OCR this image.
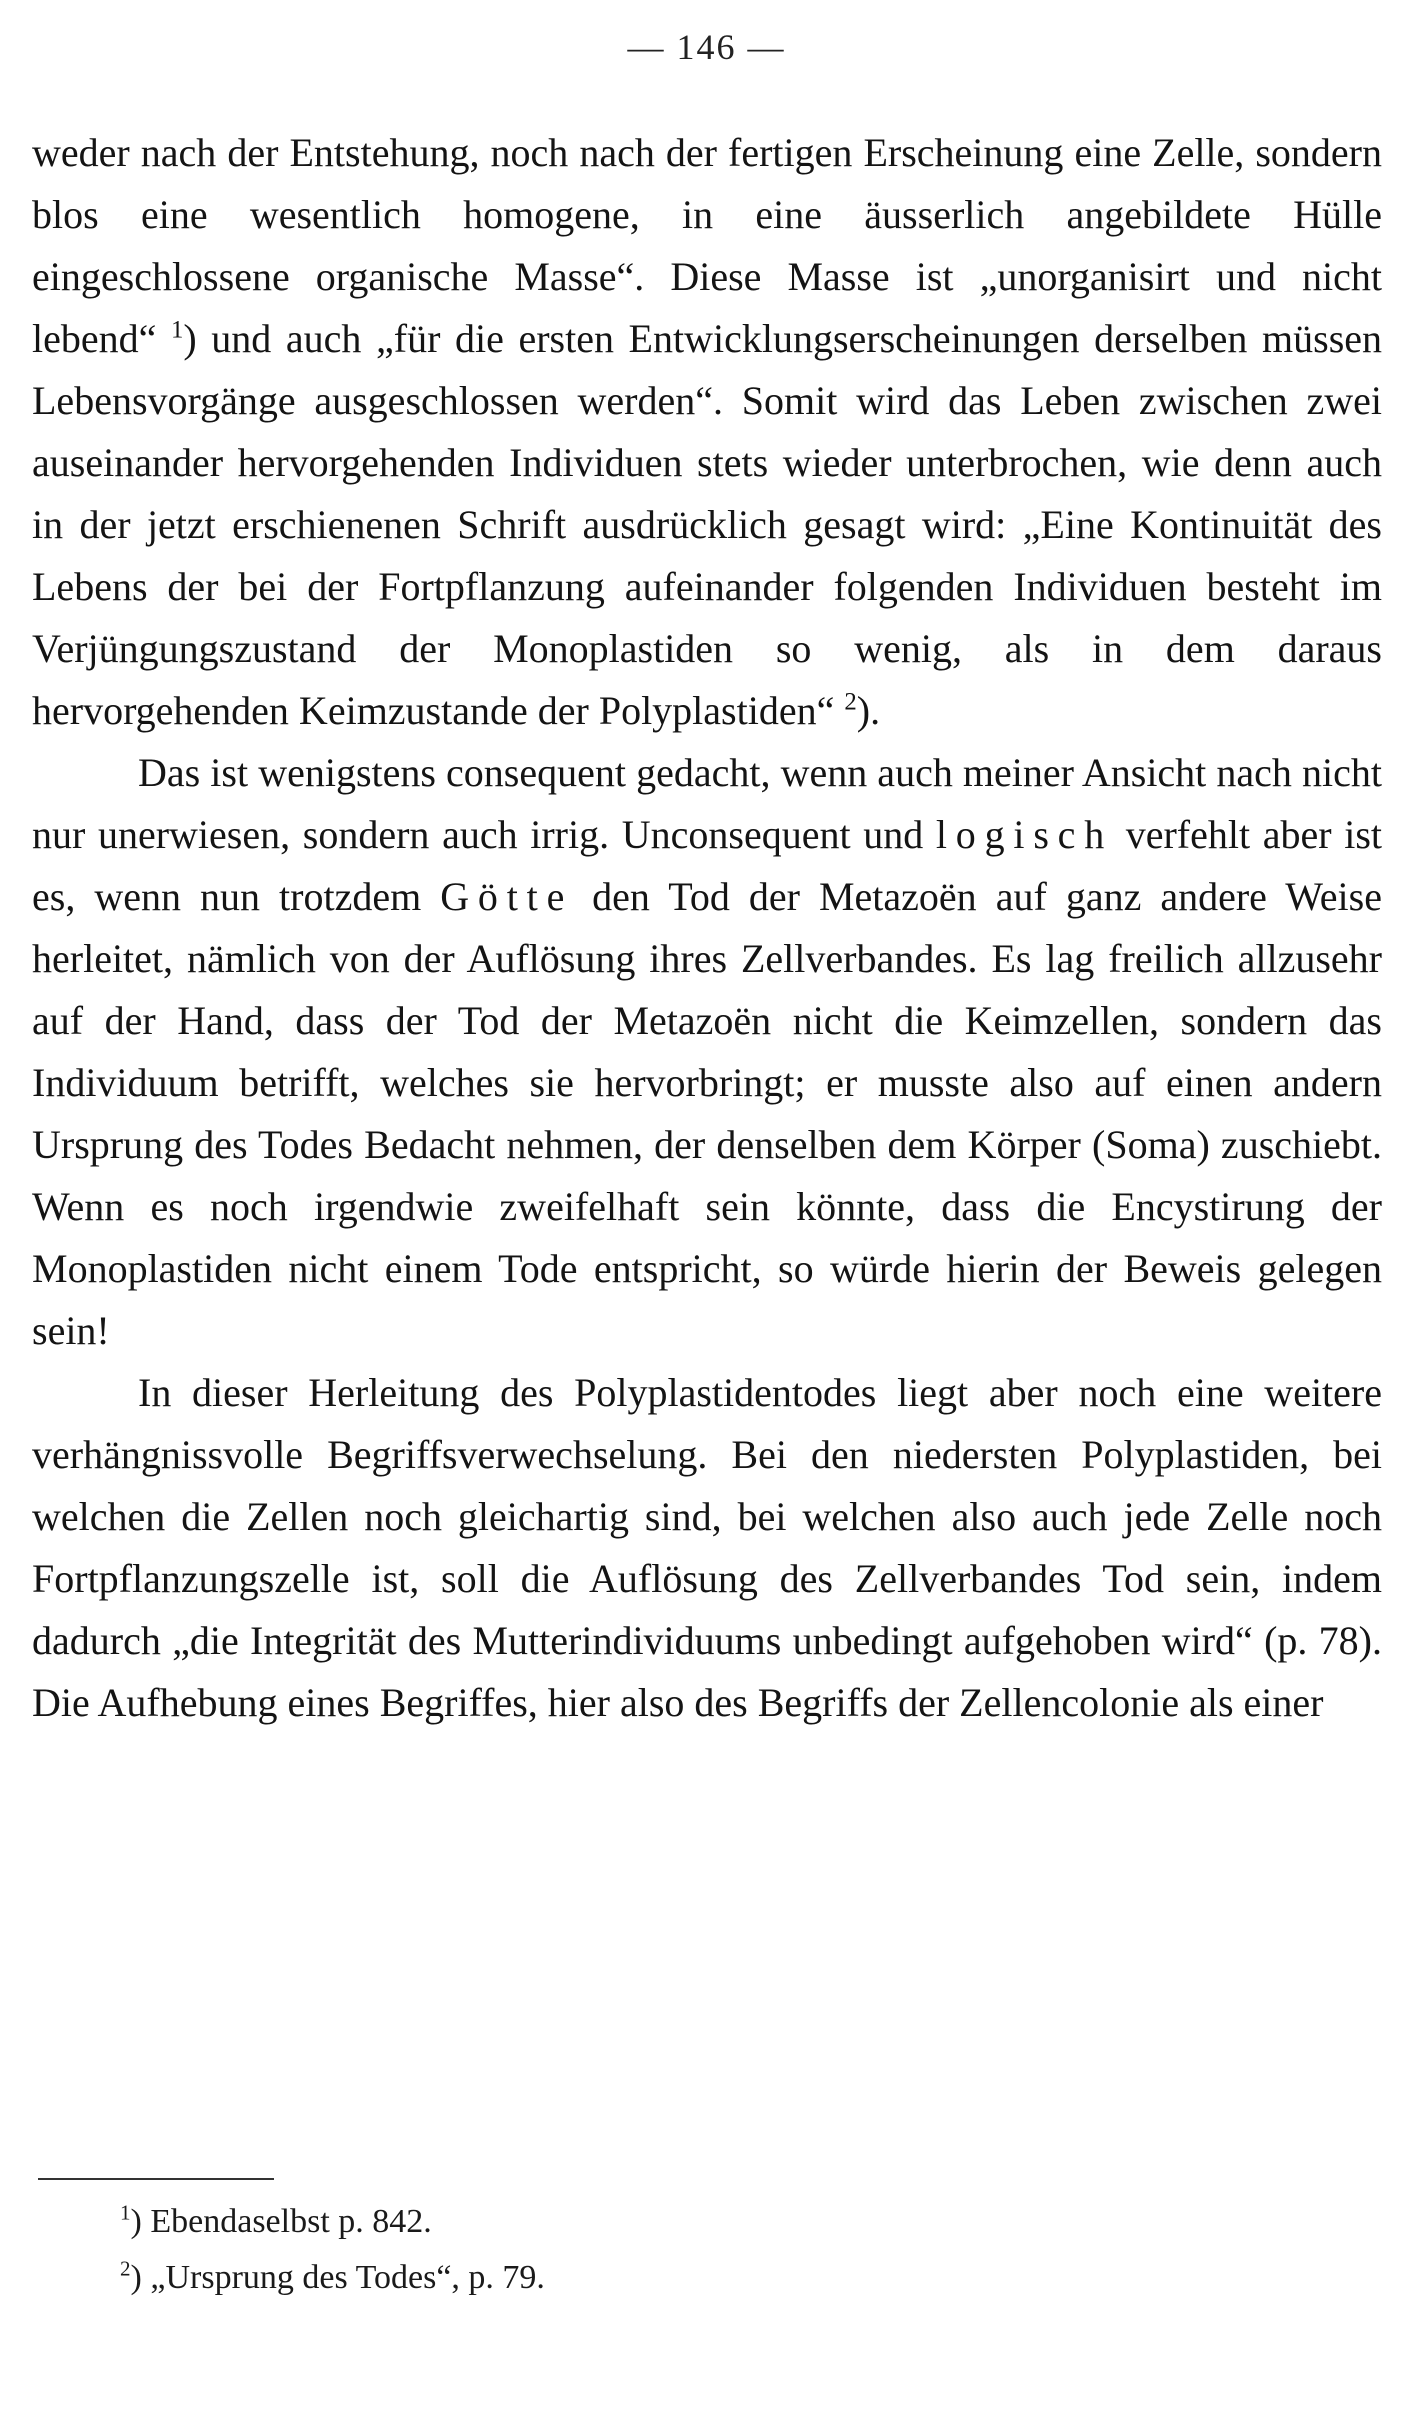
— 146 —

weder nach der Entstehung, noch nach der fertigen Erscheinung eine Zelle, sondern blos eine wesentlich homogene, in eine äusserlich angebildete Hülle eingeschlossene organische Masse“. Diese Masse ist „unorganisirt und nicht lebend“ $^1$) und auch „für die ersten Entwicklungserscheinungen derselben müssen Lebensvorgänge ausgeschlossen werden“. Somit wird das Leben zwischen zwei auseinander hervorgehenden Individuen stets wieder unterbrochen, wie denn auch in der jetzt erschienenen Schrift ausdrücklich gesagt wird: „Eine Kontinuität des Lebens der bei der Fortpflanzung aufeinander folgenden Individuen besteht im Verjüngungszustand der Monoplastiden so wenig, als in dem daraus hervorgehenden Keimzustande der Polyplastiden“ $^2$).

Das ist wenigstens consequent gedacht, wenn auch meiner Ansicht nach nicht nur unerwiesen, sondern auch irrig. Unconsequent und logisch verfehlt aber ist es, wenn nun trotzdem Götte den Tod der Metazoën auf ganz andere Weise herleitet, nämlich von der Auflösung ihres Zellverbandes. Es lag freilich allzusehr auf der Hand, dass der Tod der Metazoën nicht die Keimzellen, sondern das Individuum betrifft, welches sie hervorbringt; er musste also auf einen andern Ursprung des Todes Bedacht nehmen, der denselben dem Körper (Soma) zuschiebt. Wenn es noch irgendwie zweifelhaft sein könnte, dass die Encystirung der Monoplastiden nicht einem Tode entspricht, so würde hierin der Beweis gelegen sein!

In dieser Herleitung des Polyplastidentodes liegt aber noch eine weitere verhängnissvolle Begriffsverwechselung. Bei den niedersten Polyplastiden, bei welchen die Zellen noch gleichartig sind, bei welchen also auch jede Zelle noch Fortpflanzungszelle ist, soll die Auflösung des Zellverbandes Tod sein, indem dadurch „die Integrität des Mutterindividuums unbedingt aufgehoben wird“ (p. 78). Die Aufhebung eines Begriffes, hier also des Begriffs der Zellencolonie als einer

$^1$) Ebendaselbst p. 842.
$^2$) „Ursprung des Todes“, p. 79.
